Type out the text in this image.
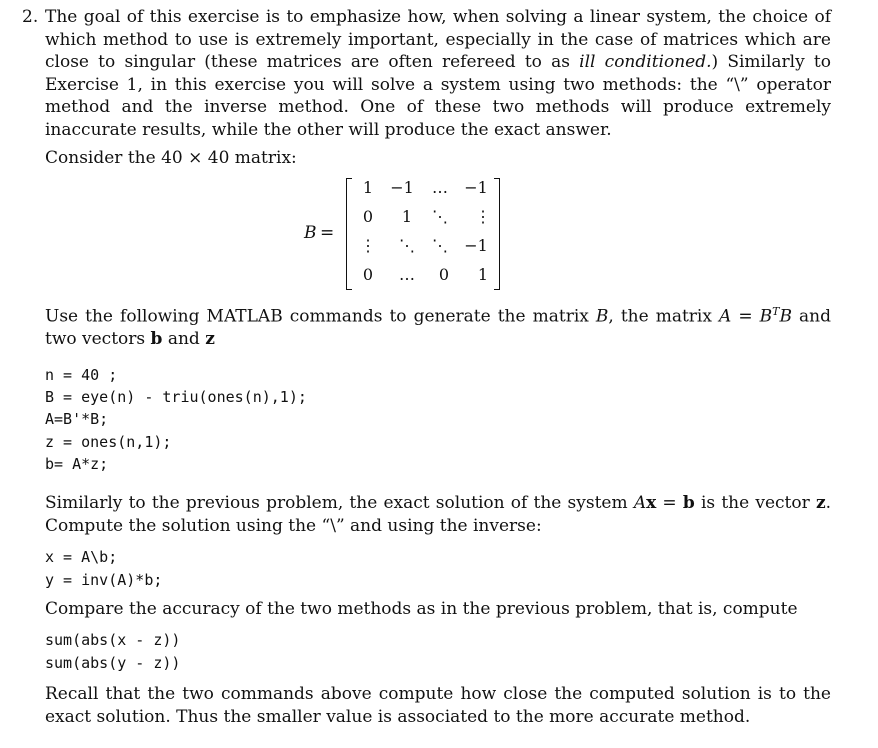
2. The goal of this exercise is to emphasize how, when solving a linear system, the choice of which method to use is extremely important, especially in the case of matrices which are close to singular (these matrices are often refereed to as ill conditioned.) Similarly to Exercise 1, in this exercise you will solve a system using two methods: the “\” operator method and the inverse method. One of these two methods will produce extremely inaccurate results, while the other will produce the exact answer.
Consider the 40 × 40 matrix:
B =
1	−1	…	−1
0	1	⋱	⋮
⋮	⋱	⋱	−1
0	…	0	1
Use the following MATLAB commands to generate the matrix B, the matrix $A = B^TB$ and two vectors b and z
n = 40 ;
B = eye(n) - triu(ones(n),1);
A=B'*B;
z = ones(n,1);
b= A*z;
Similarly to the previous problem, the exact solution of the system Ax = b is the vector z. Compute the solution using the “\” and using the inverse:
x = A\b;
y = inv(A)*b;
Compare the accuracy of the two methods as in the previous problem, that is, compute
sum(abs(x - z))
sum(abs(y - z))
Recall that the two commands above compute how close the computed solution is to the exact solution. Thus the smaller value is associated to the more accurate method.
